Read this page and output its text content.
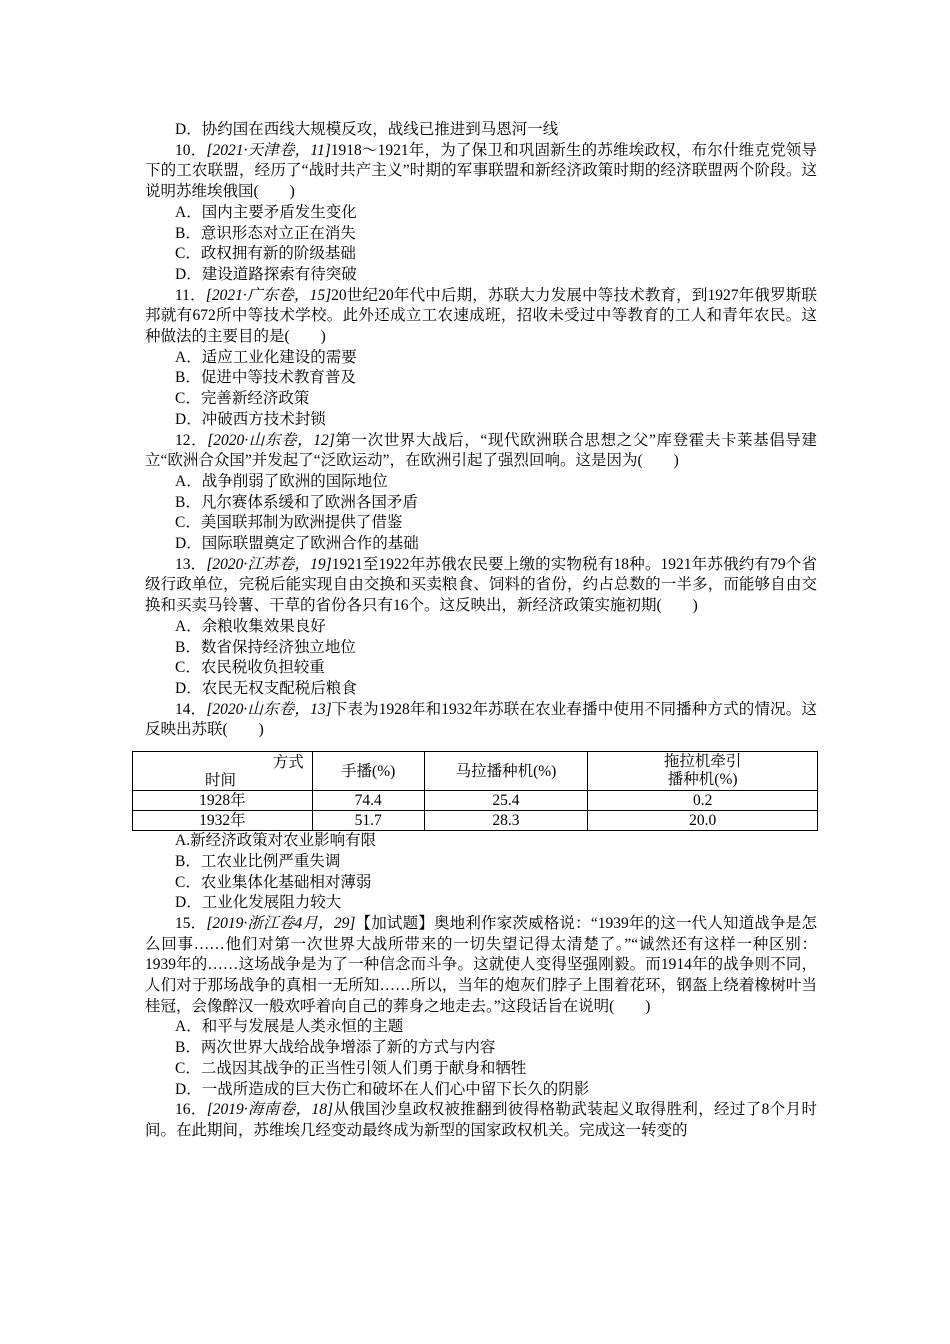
D．协约国在西线大规模反攻，战线已推进到马恩河一线
10．[2021·天津卷，11]1918～1921年，为了保卫和巩固新生的苏维埃政权，布尔什维克党领导下的工农联盟，经历了“战时共产主义”时期的军事联盟和新经济政策时期的经济联盟两个阶段。这说明苏维埃俄国(　　)
A．国内主要矛盾发生变化
B．意识形态对立正在消失
C．政权拥有新的阶级基础
D．建设道路探索有待突破
11．[2021·广东卷，15]20世纪20年代中后期，苏联大力发展中等技术教育，到1927年俄罗斯联邦就有672所中等技术学校。此外还成立工农速成班，招收未受过中等教育的工人和青年农民。这种做法的主要目的是(　　)
A．适应工业化建设的需要
B．促进中等技术教育普及
C．完善新经济政策
D．冲破西方技术封锁
12．[2020·山东卷，12]第一次世界大战后，“现代欧洲联合思想之父”库登霍夫卡莱基倡导建立“欧洲合众国”并发起了“泛欧运动”，在欧洲引起了强烈回响。这是因为(　　)
A．战争削弱了欧洲的国际地位
B．凡尔赛体系缓和了欧洲各国矛盾
C．美国联邦制为欧洲提供了借鉴
D．国际联盟奠定了欧洲合作的基础
13．[2020·江苏卷，19]1921至1922年苏俄农民要上缴的实物税有18种。1921年苏俄约有79个省级行政单位，完税后能实现自由交换和买卖粮食、饲料的省份，约占总数的一半多，而能够自由交换和买卖马铃薯、干草的省份各只有16个。这反映出，新经济政策实施初期(　　)
A．余粮收集效果良好
B．数省保持经济独立地位
C．农民税收负担较重
D．农民无权支配税后粮食
14．[2020·山东卷，13]下表为1928年和1932年苏联在农业春播中使用不同播种方式的情况。这反映出苏联(　　)
方式
时间	手播(%)	马拉播种机(%)	拖拉机牵引
播种机(%)
1928年	74.4	25.4	0.2
1932年	51.7	28.3	20.0
A.新经济政策对农业影响有限
B．工农业比例严重失调
C．农业集体化基础相对薄弱
D．工业化发展阻力较大
15．[2019·浙江卷4月，29]【加试题】奥地利作家茨威格说：“1939年的这一代人知道战争是怎么回事……他们对第一次世界大战所带来的一切失望记得太清楚了。”“诚然还有这样一种区别：1939年的……这场战争是为了一种信念而斗争。这就使人变得坚强刚毅。而1914年的战争则不同，人们对于那场战争的真相一无所知……所以，当年的炮灰们脖子上围着花环，钢盔上绕着橡树叶当桂冠，会像醉汉一般欢呼着向自己的葬身之地走去。”这段话旨在说明(　　)
A．和平与发展是人类永恒的主题
B．两次世界大战给战争增添了新的方式与内容
C．二战因其战争的正当性引领人们勇于献身和牺牲
D．一战所造成的巨大伤亡和破坏在人们心中留下长久的阴影
16．[2019·海南卷，18]从俄国沙皇政权被推翻到彼得格勒武装起义取得胜利，经过了8个月时间。在此期间，苏维埃几经变动最终成为新型的国家政权机关。完成这一转变的
